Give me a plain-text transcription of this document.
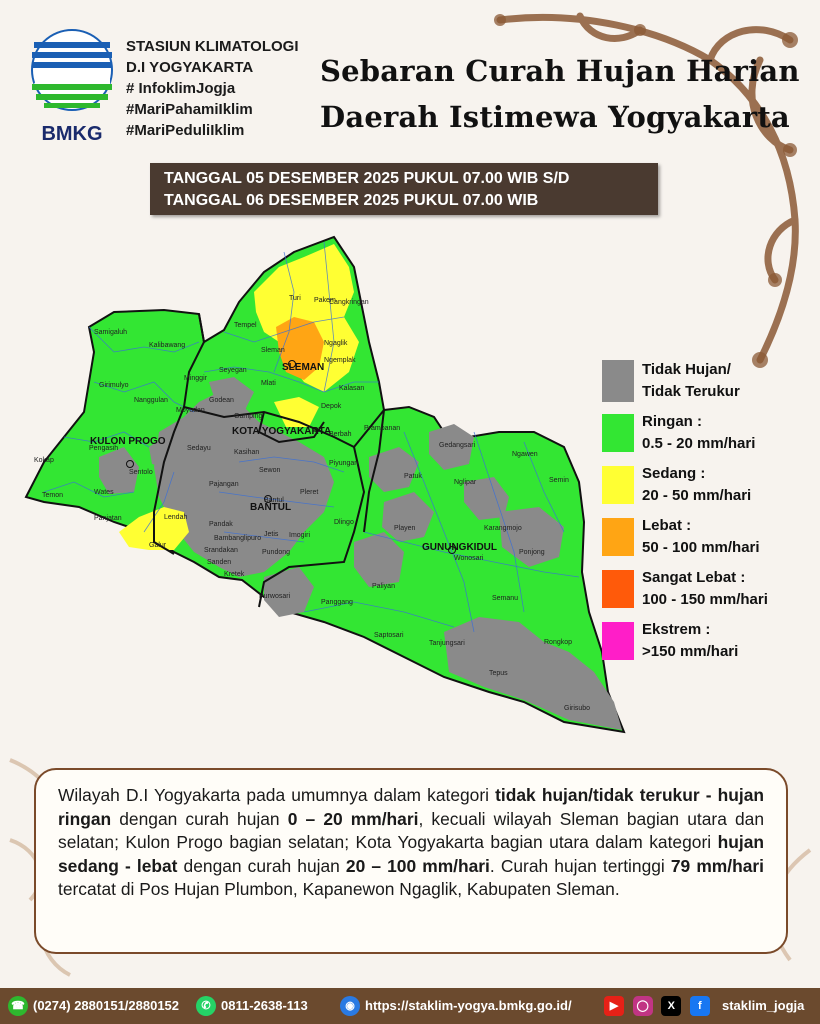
BMKG
STASIUN KLIMATOLOGI
D.I YOGYAKARTA
# InfoklimJogja
#MariPahamiIklim
#MariPeduliIklim
Sebaran Curah Hujan Harian
Daerah Istimewa Yogyakarta
TANGGAL 05 DESEMBER 2025 PUKUL 07.00 WIB S/D
TANGGAL 06 DESEMBER 2025 PUKUL 07.00 WIB
KULON PROGO
SLEMAN
KOTA YOGYAKARTA
BANTUL
GUNUNGKIDUL
Samigaluh
Kalibawang
Girimulyo
Nanggulan
Kokap
Pengasih
Sentolo
Temon	Wates
Panjatan	Lendah
Galur
Turi Pakem
Cangkringan
Tempel
Sleman
Ngaglik
Ngemplak
Minggir
Seyegan
Mlati
Kalasan
Moyudan
Godean
Depok
Gamping
Berbah
Prambanan
Sedayu
Kasihan
Piyungan
Sewon
Pajangan
Pleret
Bantul
Pandak
Bambanglipuro
Jetis Imogiri
Dlingo
Srandakan
Sanden
Pundong
Kretek
Gedangsari
Ngawen
Patuk
Nglipar	Semin
Playen	Karangmojo
Wonosari
Ponjong
Paliyan
Semanu
Purwosari
Panggang
Saptosari
Tanjungsari	Rongkop
Tepus
Girisubo
Tidak Hujan/
Tidak Terukur
Ringan :
0.5 - 20 mm/hari
Sedang :
20 - 50 mm/hari
Lebat :
50 - 100 mm/hari
Sangat Lebat :
100 - 150 mm/hari
Ekstrem :
>150 mm/hari

Wilayah D.I Yogyakarta pada umumnya dalam kategori tidak hujan/tidak terukur - hujan ringan dengan curah hujan 0 – 20 mm/hari, kecuali wilayah Sleman bagian utara dan selatan; Kulon Progo bagian selatan; Kota Yogyakarta bagian utara dalam kategori hujan sedang - lebat dengan curah hujan 20 – 100 mm/hari. Curah hujan tertinggi 79 mm/hari tercatat di Pos Hujan Plumbon, Kapanewon Ngaglik, Kabupaten Sleman.

☎ (0274) 2880151/2880152	✆ 0811-2638-113	◉ https://staklim-yogya.bmkg.go.id/	▶ ◯ X f	staklim_jogja
